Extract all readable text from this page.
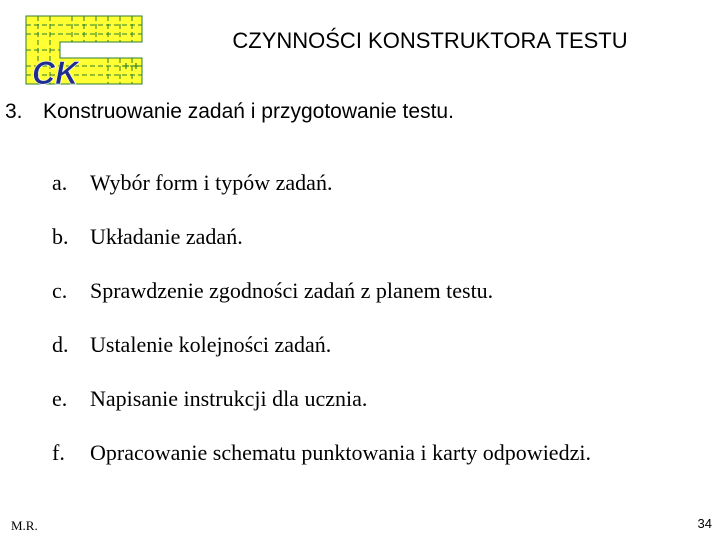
CK
CZYNNOŚCI KONSTRUKTORA TESTU
3. Konstruowanie zadań i przygotowanie testu.
a.	Wybór form i typów zadań.
b. Układanie zadań.
c.	Sprawdzenie zgodności zadań z planem testu.
d. Ustalenie kolejności zadań.
e.	Napisanie instrukcji dla ucznia.
f.	Opracowanie schematu punktowania i karty odpowiedzi.
M.R.	34
